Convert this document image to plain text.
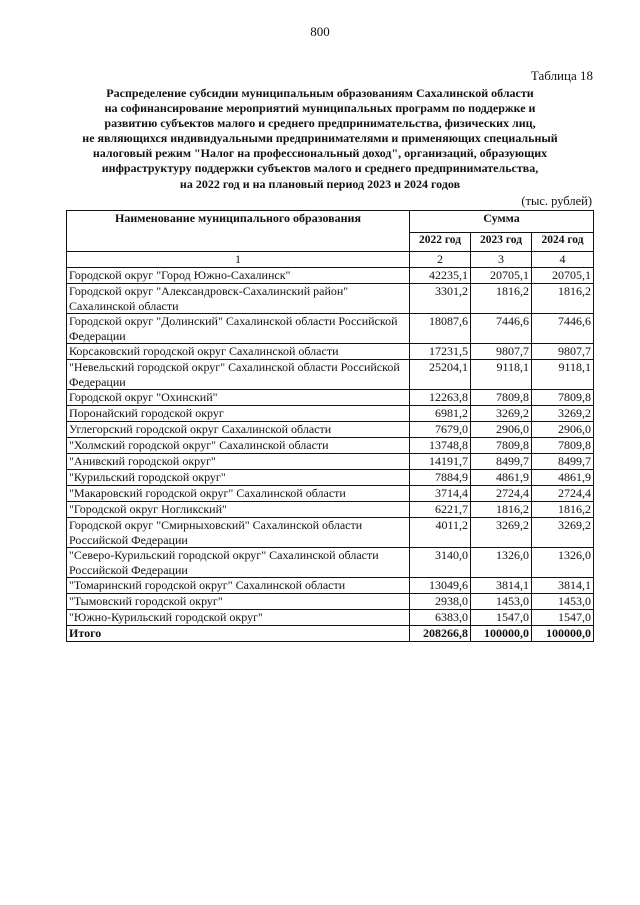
800
Таблица 18
Распределение субсидии муниципальным образованиям Сахалинской области
на софинансирование мероприятий муниципальных программ по поддержке и
развитию субъектов малого и среднего предпринимательства, физических лиц,
не являющихся индивидуальными предпринимателями и применяющих специальный
налоговый режим "Налог на профессиональный доход", организаций, образующих
инфраструктуру поддержки субъектов малого и среднего предпринимательства,
на 2022 год и на плановый период 2023 и 2024 годов
(тыс. рублей)
Наименование муниципального образования	Сумма		
	2022 год	2023 год	2024 год
1	2	3	4
Городской округ "Город Южно-Сахалинск"	42235,1	20705,1	20705,1
Городской округ "Александровск-Сахалинский район" Сахалинской области	3301,2	1816,2	1816,2
Городской округ "Долинский" Сахалинской области Российской Федерации	18087,6	7446,6	7446,6
Корсаковский городской округ Сахалинской области	17231,5	9807,7	9807,7
"Невельский городской округ" Сахалинской области Российской Федерации	25204,1	9118,1	9118,1
Городской округ "Охинский"	12263,8	7809,8	7809,8
Поронайский городской округ	6981,2	3269,2	3269,2
Углегорский городской округ Сахалинской области	7679,0	2906,0	2906,0
"Холмский городской округ" Сахалинской области	13748,8	7809,8	7809,8
"Анивский городской округ"	14191,7	8499,7	8499,7
"Курильский городской округ"	7884,9	4861,9	4861,9
"Макаровский городской округ" Сахалинской области	3714,4	2724,4	2724,4
"Городской округ Ногликский"	6221,7	1816,2	1816,2
Городской округ "Смирныховский" Сахалинской области Российской Федерации	4011,2	3269,2	3269,2
"Северо-Курильский городской округ" Сахалинской области Российской Федерации	3140,0	1326,0	1326,0
"Томаринский городской округ" Сахалинской области	13049,6	3814,1	3814,1
"Тымовский городской округ"	2938,0	1453,0	1453,0
"Южно-Курильский городской округ"	6383,0	1547,0	1547,0
Итого	208266,8	100000,0	100000,0
